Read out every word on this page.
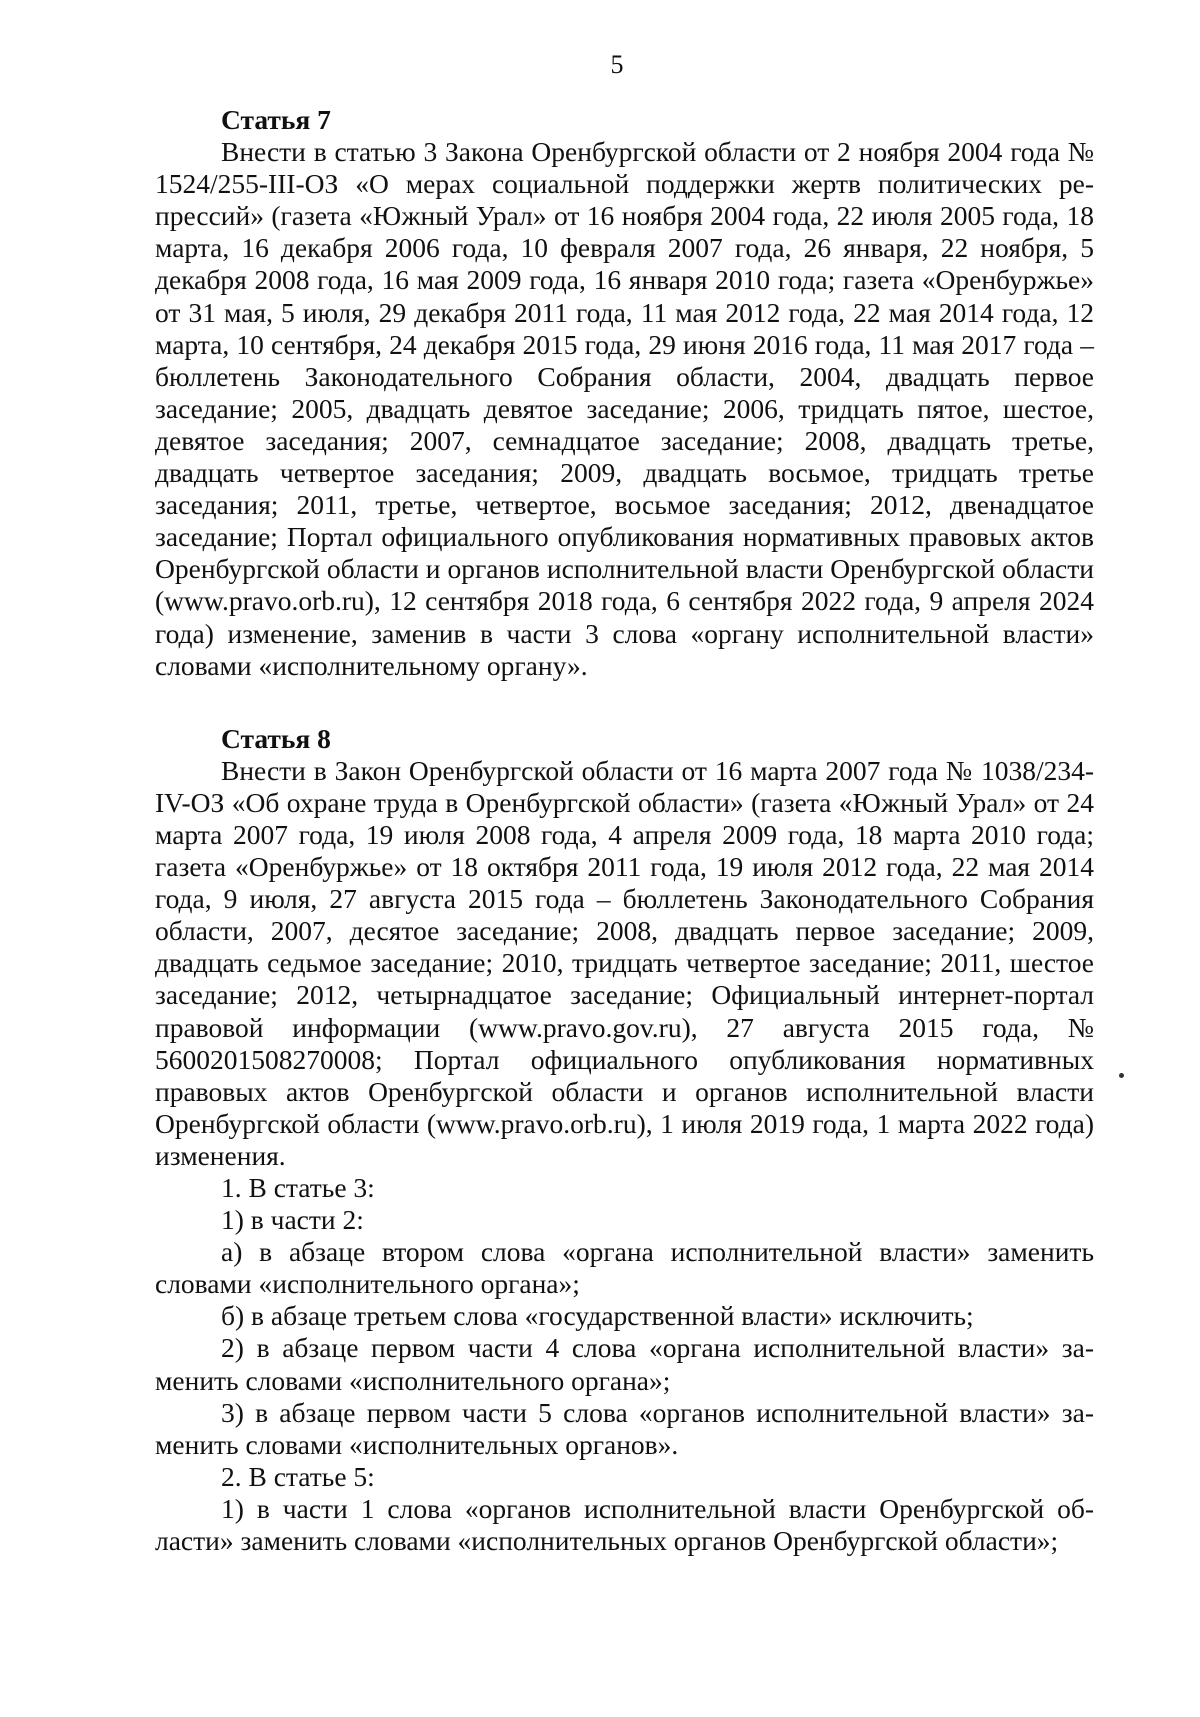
5

Статья 7

Внести в статью 3 Закона Оренбургской области от 2 ноября 2004 года № 1524/255-III-ОЗ «О мерах социальной поддержки жертв политических репрессий» (газета «Южный Урал» от 16 ноября 2004 года, 22 июля 2005 года, 18 марта, 16 декабря 2006 года, 10 февраля 2007 года, 26 января, 22 ноября, 5 декабря 2008 года, 16 мая 2009 года, 16 января 2010 года; газета «Оренбуржье» от 31 мая, 5 июля, 29 декабря 2011 года, 11 мая 2012 года, 22 мая 2014 года, 12 марта, 10 сентября, 24 декабря 2015 года, 29 июня 2016 года, 11 мая 2017 года – бюллетень Законодательного Собрания области, 2004, двадцать первое заседание; 2005, двадцать девятое заседание; 2006, тридцать пятое, шестое, девятое заседания; 2007, семнадцатое заседание; 2008, двадцать третье, двадцать четвертое заседания; 2009, двадцать восьмое, тридцать третье заседания; 2011, третье, четвертое, восьмое заседания; 2012, двенадцатое заседание; Портал официального опубликования нормативных правовых актов Оренбургской области и органов исполнительной власти Оренбургской области (www.pravo.orb.ru), 12 сентября 2018 года, 6 сентября 2022 года, 9 апреля 2024 года) изменение, заменив в части 3 слова «органу исполнительной власти» словами «исполнительному органу».

Статья 8

Внести в Закон Оренбургской области от 16 марта 2007 года № 1038/234-IV-ОЗ «Об охране труда в Оренбургской области» (газета «Южный Урал» от 24 марта 2007 года, 19 июля 2008 года, 4 апреля 2009 года, 18 марта 2010 года; газета «Оренбуржье» от 18 октября 2011 года, 19 июля 2012 года, 22 мая 2014 года, 9 июля, 27 августа 2015 года – бюллетень Законодательного Собрания области, 2007, десятое заседание; 2008, двадцать первое заседание; 2009, двадцать седьмое заседание; 2010, тридцать четвертое заседание; 2011, шестое заседание; 2012, четырнадцатое заседание; Официальный интернет-портал правовой информации (www.pravo.gov.ru), 27 августа 2015 года, № 5600201508270008; Портал официального опубликования нормативных правовых актов Оренбургской области и органов исполнительной власти Оренбургской области (www.pravo.orb.ru), 1 июля 2019 года, 1 марта 2022 года) изменения.

1. В статье 3:

1) в части 2:

а) в абзаце втором слова «органа исполнительной власти» заменить словами «исполнительного органа»;

б) в абзаце третьем слова «государственной власти» исключить;

2) в абзаце первом части 4 слова «органа исполнительной власти» заменить словами «исполнительного органа»;

3) в абзаце первом части 5 слова «органов исполнительной власти» заменить словами «исполнительных органов».

2. В статье 5:

1) в части 1 слова «органов исполнительной власти Оренбургской области» заменить словами «исполнительных органов Оренбургской области»;
